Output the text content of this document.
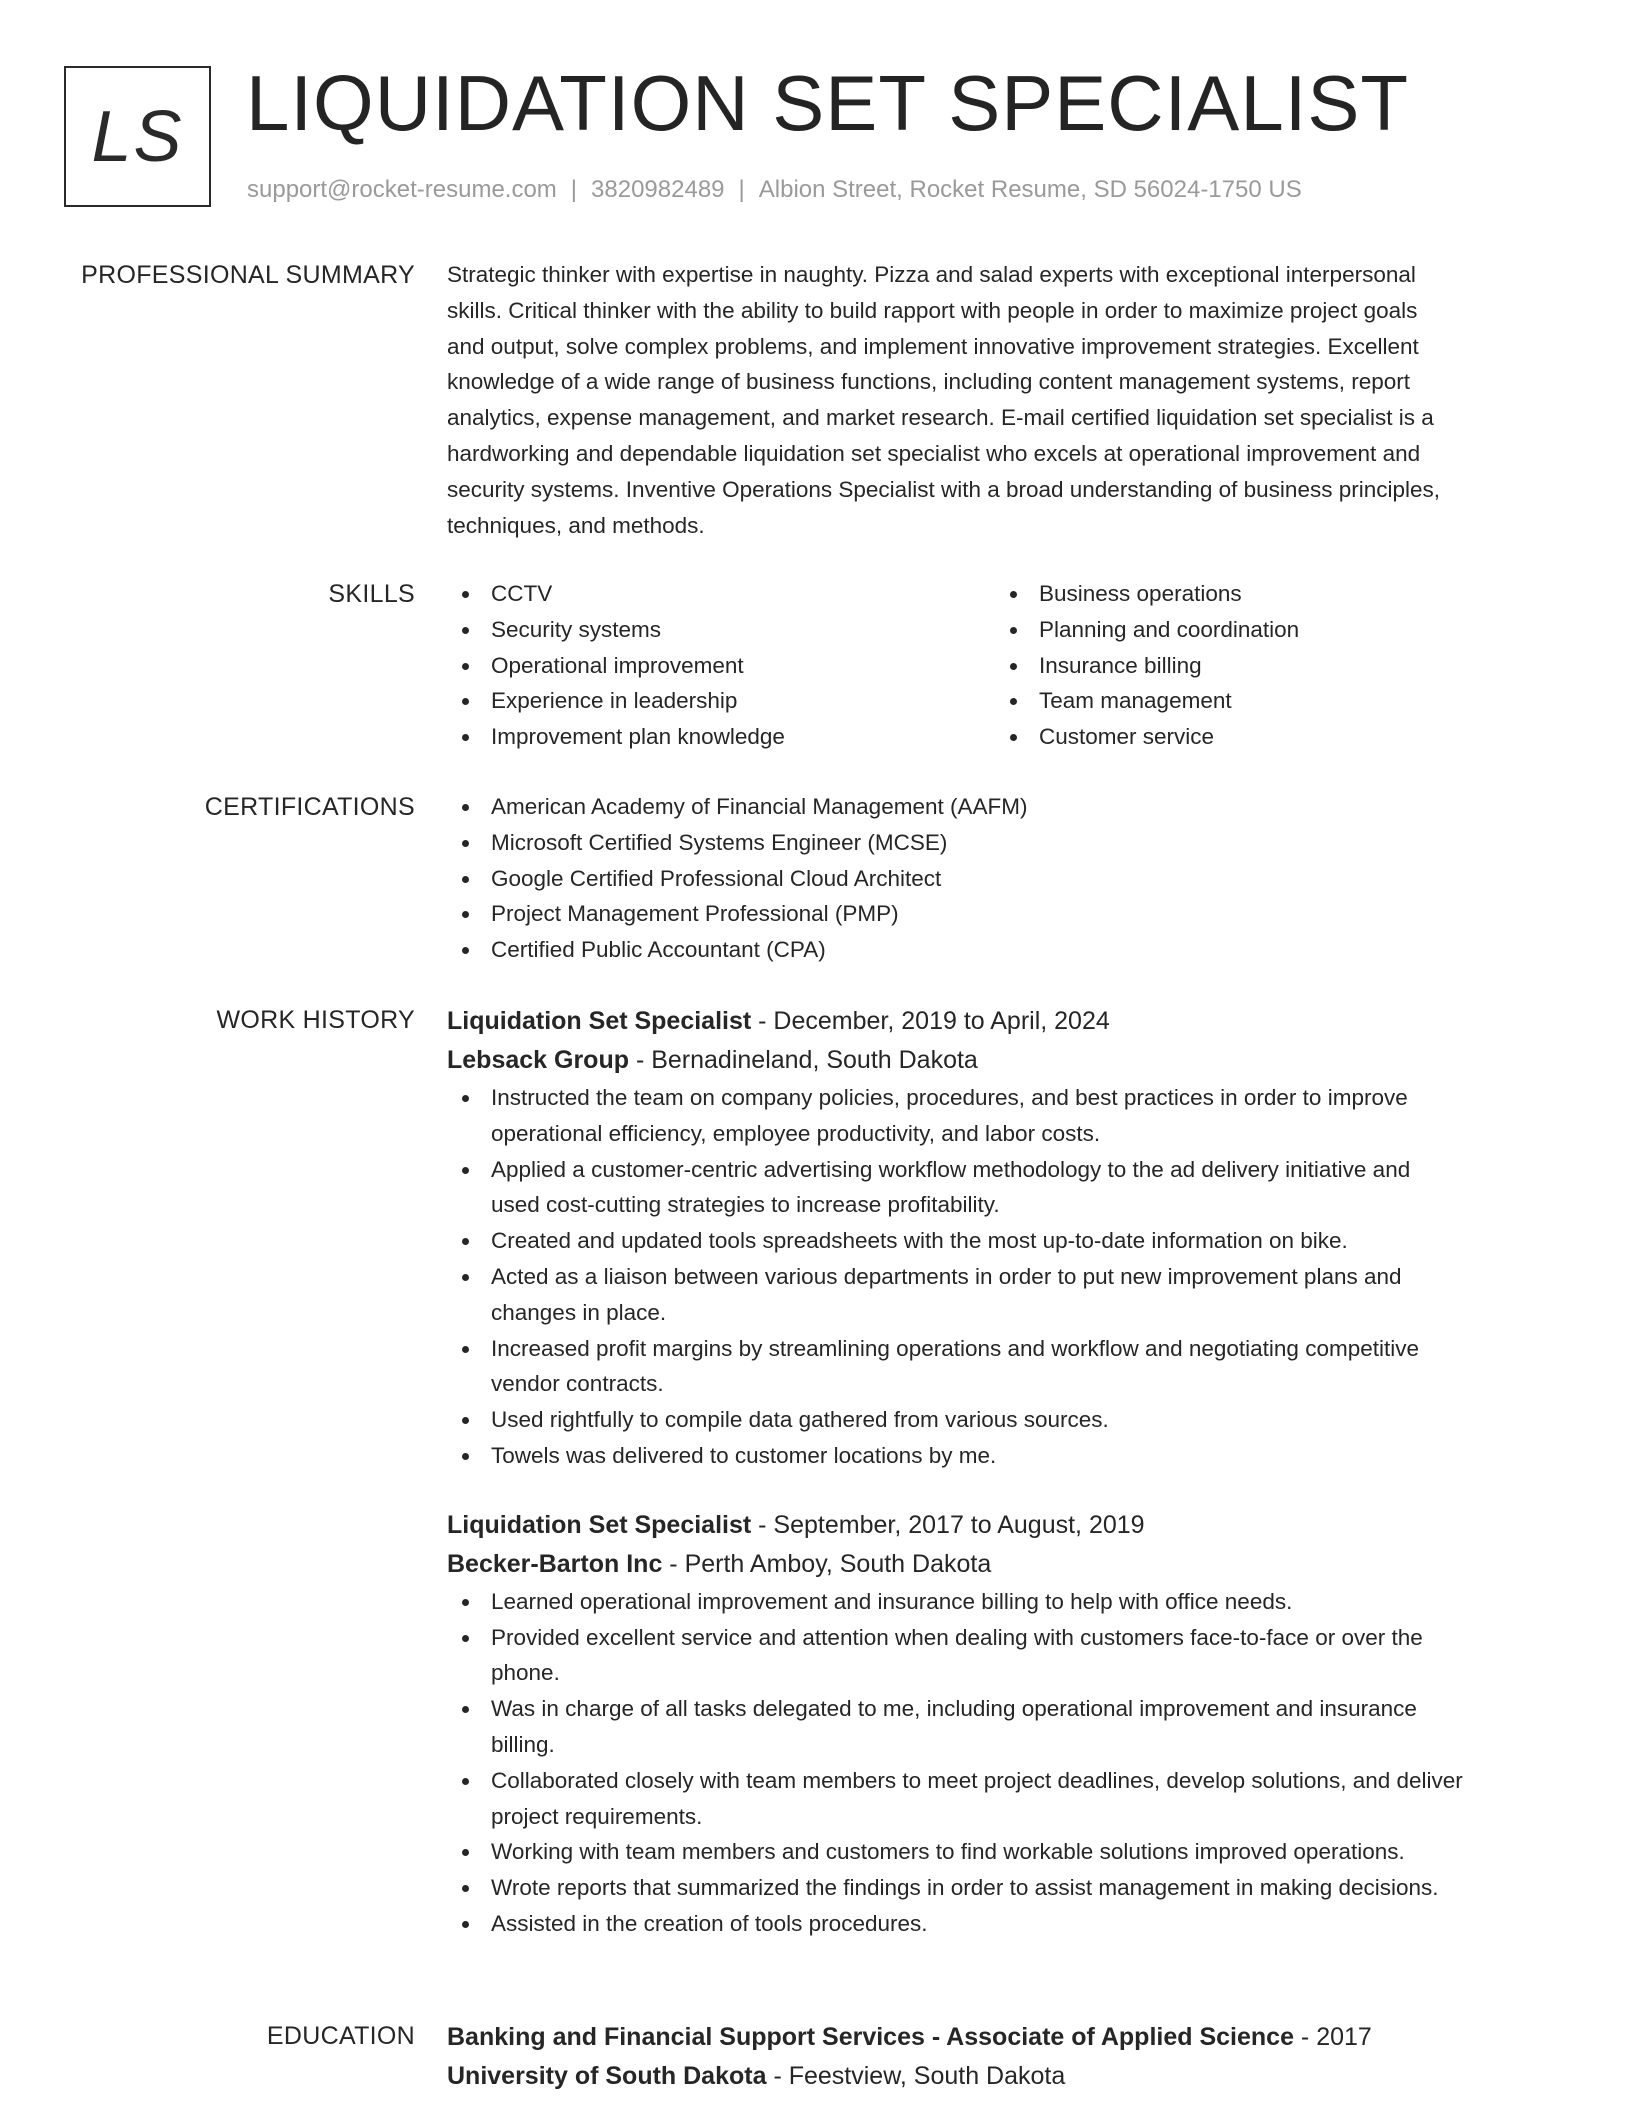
LS LIQUIDATION SET SPECIALIST
support@rocket-resume.com | 3820982489 | Albion Street, Rocket Resume, SD 56024-1750 US
PROFESSIONAL SUMMARY Strategic thinker with expertise in naughty. Pizza and salad experts with exceptional interpersonal

skills. Critical thinker with the ability to build rapport with people in order to maximize project goals

and output, solve complex problems, and implement innovative improvement strategies. Excellent

knowledge of a wide range of business functions, including content management systems, report

analytics, expense management, and market research. E-mail certified liquidation set specialist is a

hardworking and dependable liquidation set specialist who excels at operational improvement and

security systems. Inventive Operations Specialist with a broad understanding of business principles,

techniques, and methods.

SKILLS	CCTV
Security systems
Operational improvement
Experience in leadership
Improvement plan knowledge
Business operations
Planning and coordination
Insurance billing
Team management
Customer service
CERTIFICATIONS	American Academy of Financial Management (AAFM)
Microsoft Certified Systems Engineer (MCSE)
Google Certified Professional Cloud Architect
Project Management Professional (PMP)
Certified Public Accountant (CPA)
WORK HISTORY Liquidation Set Specialist - December, 2019 to April, 2024
Lebsack Group - Bernadineland, South Dakota
Instructed the team on company policies, procedures, and best practices in order to improve
operational efficiency, employee productivity, and labor costs.
Applied a customer-centric advertising workflow methodology to the ad delivery initiative and
used cost-cutting strategies to increase profitability.
Created and updated tools spreadsheets with the most up-to-date information on bike.
Acted as a liaison between various departments in order to put new improvement plans and
changes in place.
Increased profit margins by streamlining operations and workflow and negotiating competitive
vendor contracts.
Used rightfully to compile data gathered from various sources.
Towels was delivered to customer locations by me.
Liquidation Set Specialist - September, 2017 to August, 2019
Becker-Barton Inc - Perth Amboy, South Dakota
Learned operational improvement and insurance billing to help with office needs.
Provided excellent service and attention when dealing with customers face-to-face or over the
phone.
Was in charge of all tasks delegated to me, including operational improvement and insurance
billing.
Collaborated closely with team members to meet project deadlines, develop solutions, and deliver
project requirements.
Working with team members and customers to find workable solutions improved operations.
Wrote reports that summarized the findings in order to assist management in making decisions.
Assisted in the creation of tools procedures.
EDUCATION Banking and Financial Support Services - Associate of Applied Science - 2017
University of South Dakota - Feestview, South Dakota
